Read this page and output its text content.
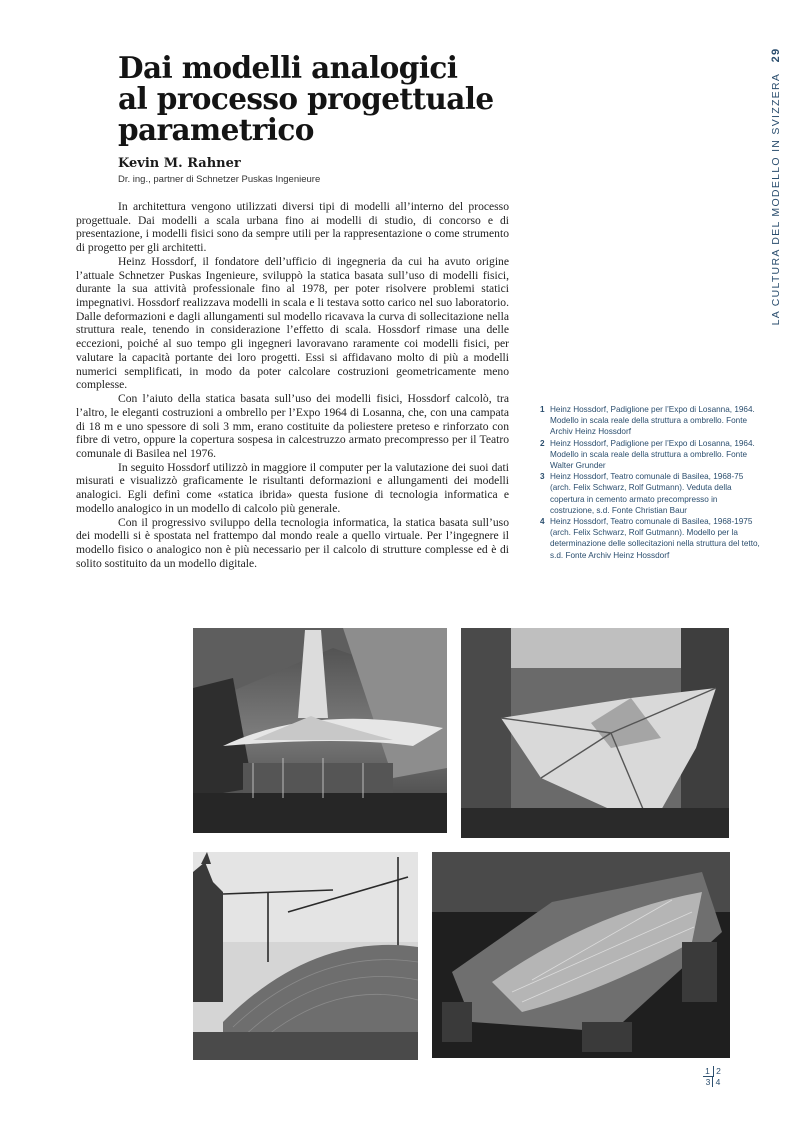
Dai modelli analogici
al processo progettuale
parametrico
Kevin M. Rahner
Dr. ing., partner di Schnetzer Puskas Ingenieure

In architettura vengono utilizzati diversi tipi di modelli all’interno del processo progettuale. Dai modelli a scala urbana fino ai modelli di studio, di concorso e di presentazione, i modelli fisici sono da sempre utili per la rappresentazione o come strumento di progetto per gli architetti.

Heinz Hossdorf, il fondatore dell’ufficio di ingegneria da cui ha avuto origine l’attuale Schnetzer Puskas Ingenieure, sviluppò la statica basata sull’uso di modelli fisici, durante la sua attività professionale fino al 1978, per poter risolvere problemi statici impegnativi. Hossdorf realizzava modelli in scala e li testava sotto carico nel suo laboratorio. Dalle deformazioni e dagli allungamenti sul modello ricavava la curva di sollecitazione nella struttura reale, tenendo in considerazione l’effetto di scala. Hossdorf rimase una delle eccezioni, poiché al suo tempo gli ingegneri lavoravano raramente coi modelli fisici, per valutare la capacità portante dei loro progetti. Essi si affidavano molto di più a modelli numerici semplificati, in modo da poter calcolare costruzioni geometricamente meno complesse.

Con l’aiuto della statica basata sull’uso dei modelli fisici, Hossdorf calcolò, tra l’altro, le eleganti costruzioni a ombrello per l’Expo 1964 di Losanna, che, con una campata di 18 m e uno spessore di soli 3 mm, erano costituite da poliestere preteso e rinforzato con fibre di vetro, oppure la copertura sospesa in calcestruzzo armato precompresso per il Teatro comunale di Basilea nel 1976.

In seguito Hossdorf utilizzò in maggiore il computer per la valutazione dei suoi dati misurati e visualizzò graficamente le risultanti deformazioni e allungamenti dei modelli analogici. Egli definì come «statica ibrida» questa fusione di tecnologia informatica e modello analogico in un modello di calcolo più generale.

Con il progressivo sviluppo della tecnologia informatica, la statica basata sull’uso dei modelli si è spostata nel frattempo dal mondo reale a quello virtuale. Per l’ingegnere il modello fisico o analogico non è più necessario per il calcolo di strutture complesse ed è di solito sostituito da un modello digitale.

LA CULTURA DEL MODELLO IN SVIZZERA
29
1 Heinz Hossdorf, Padiglione per l’Expo di Losanna, 1964. Modello in scala reale della struttura a ombrello. Fonte Archiv Heinz Hossdorf
2 Heinz Hossdorf, Padiglione per l’Expo di Losanna, 1964. Modello in scala reale della struttura a ombrello. Fonte Walter Grunder
3 Heinz Hossdorf, Teatro comunale di Basilea, 1968-75 (arch. Felix Schwarz, Rolf Gutmann). Veduta della copertura in cemento armato precompresso in costruzione, s.d. Fonte Christian Baur
4 Heinz Hossdorf, Teatro comunale di Basilea, 1968-1975 (arch. Felix Schwarz, Rolf Gutmann). Modello per la determinazione delle sollecitazioni nella struttura del tetto, s.d. Fonte Archiv Heinz Hossdorf
1 2
3 4
